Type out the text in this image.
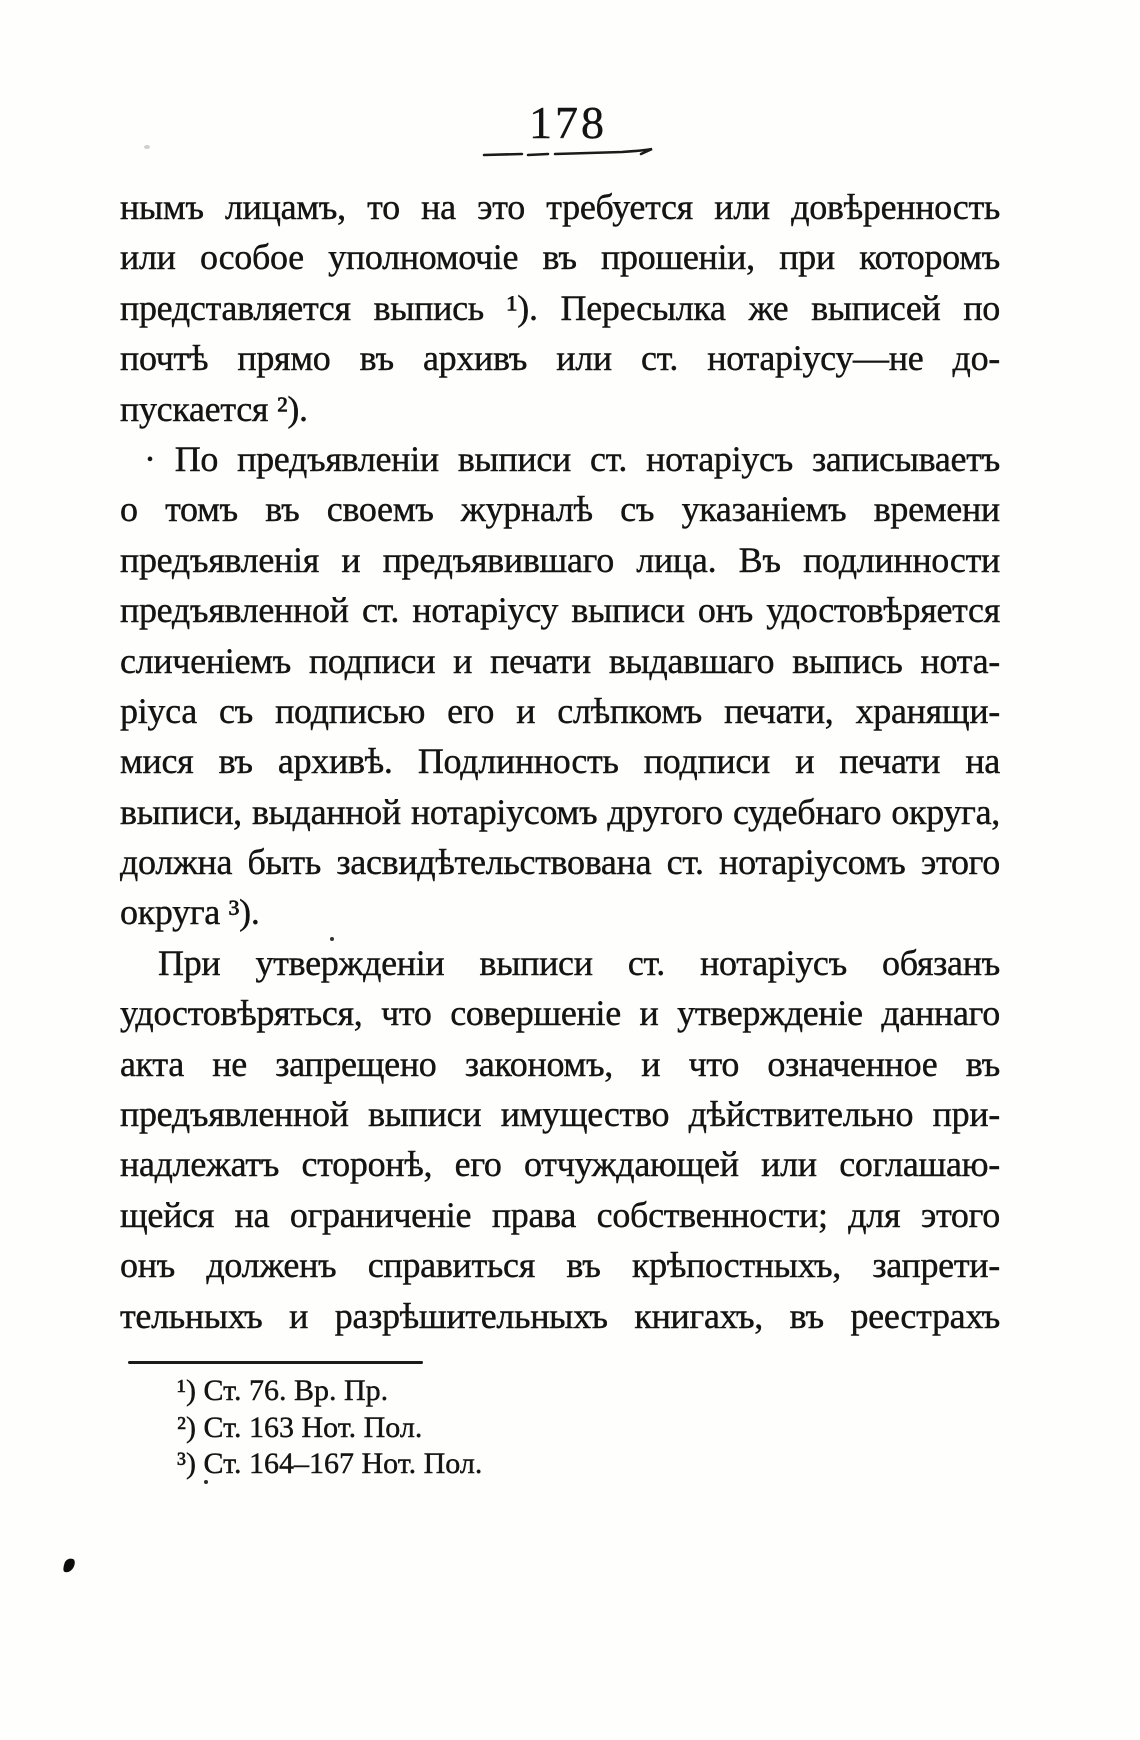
178
нымъ лицамъ, то на это требуется или довѣренность
или особое уполномочіе въ прошеніи, при которомъ
представляется выпись ¹). Пересылка же выписей по
почтѣ прямо въ архивъ или ст. нотаріусу—не до-
пускается ²).
· По предъявленіи выписи ст. нотаріусъ записываетъ
о томъ въ своемъ журналѣ съ указаніемъ времени
предъявленія и предъявившаго лица. Въ подлинности
предъявленной ст. нотаріусу выписи онъ удостовѣряется
сличеніемъ подписи и печати выдавшаго выпись нота-
ріуса съ подписью его и слѣпкомъ печати, хранящи-
мися въ архивѣ. Подлинность подписи и печати на
выписи, выданной нотаріусомъ другого судебнаго округа,
должна быть засвидѣтельствована ст. нотаріусомъ этого
округа ³).
При утвержденіи выписи ст. нотаріусъ обязанъ
удостовѣряться, что совершеніе и утвержденіе даннаго
акта не запрещено закономъ, и что означенное въ
предъявленной выписи имущество дѣйствительно при-
надлежатъ сторонѣ, его отчуждающей или соглашаю-
щейся на ограниченіе права собственности; для этого
онъ долженъ справиться въ крѣпостныхъ, запрети-
тельныхъ и разрѣшительныхъ книгахъ, въ реестрахъ
¹) Ст. 76. Вр. Пр.
²) Ст. 163 Нот. Пол.
³) Ст. 164–167 Нот. Пол.
